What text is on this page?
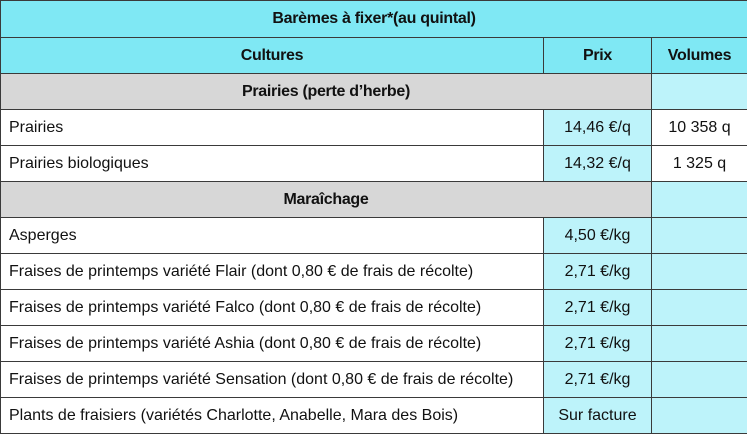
Barèmes à fixer*(au quintal)		
Cultures	Prix	Volumes
Prairies (perte d’herbe)		
Prairies	14,46 €/q	10 358 q
Prairies biologiques	14,32 €/q	1 325 q
Maraîchage		
Asperges	4,50 €/kg	
Fraises de printemps variété Flair (dont 0,80 € de frais de récolte)	2,71 €/kg	
Fraises de printemps variété Falco (dont 0,80 € de frais de récolte)	2,71 €/kg	
Fraises de printemps variété Ashia (dont 0,80 € de frais de récolte)	2,71 €/kg	
Fraises de printemps variété Sensation (dont 0,80 € de frais de récolte)	2,71 €/kg	
Plants de fraisiers (variétés Charlotte, Anabelle, Mara des Bois)	Sur facture	
